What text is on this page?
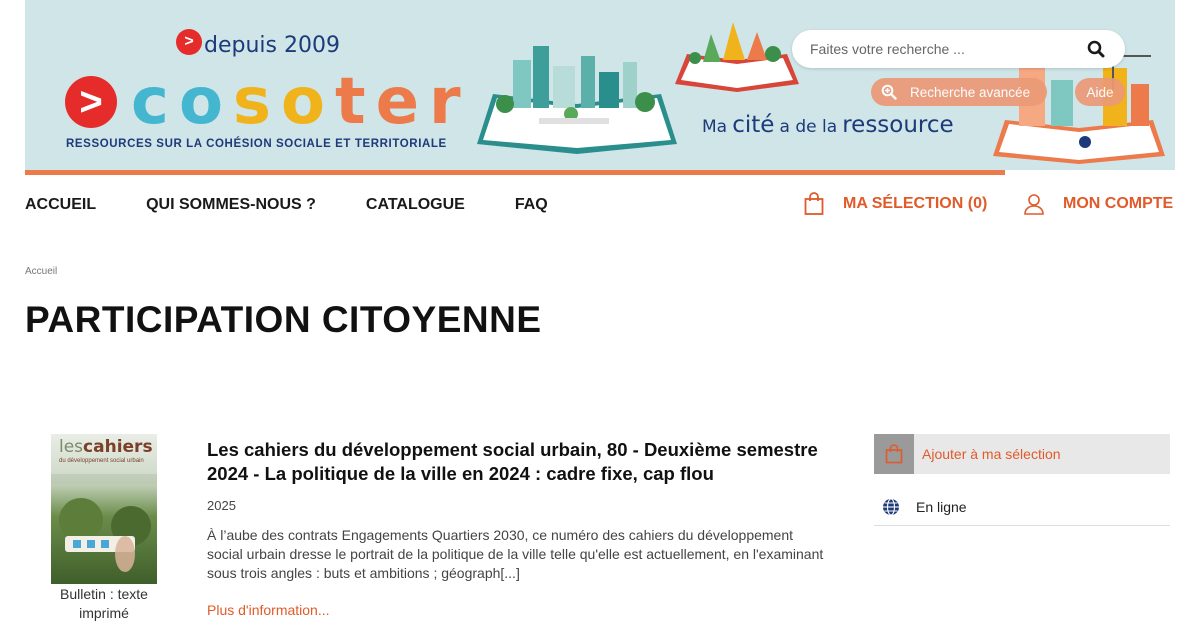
> depuis 2009
> cosoter
RESSOURCES SUR LA COHÉSION SOCIALE ET TERRITORIALE
Ma cité a de la ressource
Faites votre recherche ...
Recherche avancée	Aide
ACCUEIL	QUI SOMMES-NOUS ?	CATALOGUE	FAQ	MA SÉLECTION (0)	MON COMPTE
Accueil
PARTICIPATION CITOYENNE
lescahiers
du développement social urbain
Bulletin : texte imprimé
Les cahiers du développement social urbain, 80 - Deuxième semestre 2024 - La politique de la ville en 2024 : cadre fixe, cap flou
2025
À l’aube des contrats Engagements Quartiers 2030, ce numéro des cahiers du développement social urbain dresse le portrait de la politique de la ville telle qu'elle est actuellement, en l'examinant sous trois angles : buts et ambitions ; géograph[...]
Plus d'information...
Ajouter à ma sélection
En ligne
